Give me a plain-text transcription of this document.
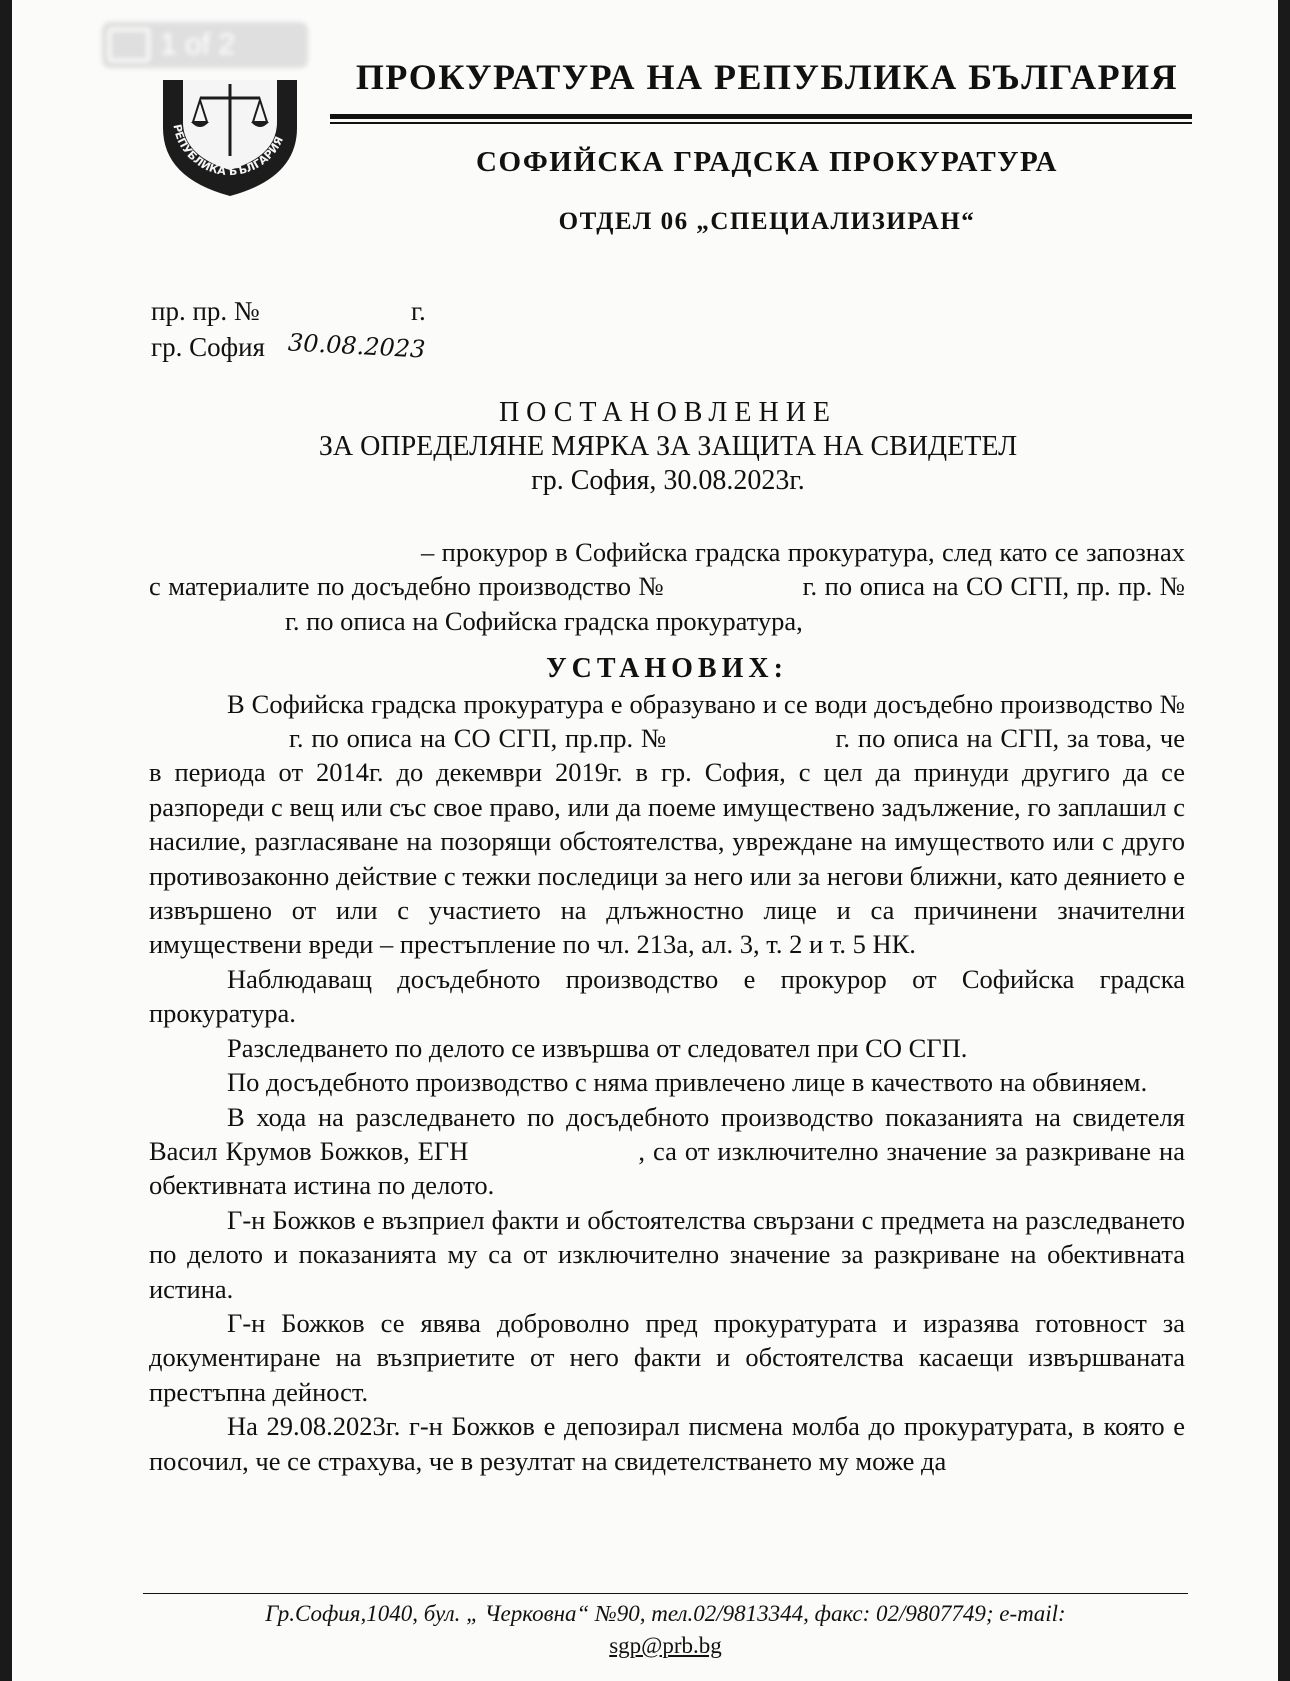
1 of 2
РЕПУБЛИКА БЪЛГАРИЯ
ПРОКУРАТУРА НА РЕПУБЛИКА БЪЛГАРИЯ
СОФИЙСКА ГРАДСКА ПРОКУРАТУРА
ОТДЕЛ 06 „СПЕЦИАЛИЗИРАН“
пр. пр. №	г.
гр. София 30.08.2023
ПОСТАНОВЛЕНИЕ
ЗА ОПРЕДЕЛЯНЕ МЯРКА ЗА ЗАЩИТА НА СВИДЕТЕЛ
гр. София, 30.08.2023г.

– прокурор в Софийска градска прокуратура, след като се запознах с материалите по досъдебно производство №	г. по описа на СО СГП, пр. пр. №г. по описа на Софийска градска прокуратура,

УСТАНОВИХ:

В Софийска градска прокуратура е образувано и се води досъдебно производство №г. по описа на СО СГП, пр.пр. №	г. по описа на СГП, за това, че в периода от 2014г. до декември 2019г. в гр. София, с цел да принуди другиго да се разпореди с вещ или със свое право, или да поеме имуществено задължение, го заплашил с насилие, разгласяване на позорящи обстоятелства, увреждане на имуществото или с друго противозаконно действие с тежки последици за него или за негови ближни, като деянието е извършено от или с участието на длъжностно лице и са причинени значителни имуществени вреди – престъпление по чл. 213а, ал. 3, т. 2 и т. 5 НК.

Наблюдаващ досъдебното производство е прокурор от Софийска градска прокуратура.

Разследването по делото се извършва от следовател при СО СГП.

По досъдебното производство с няма привлечено лице в качеството на обвиняем.

В хода на разследването по досъдебното производство показанията на свидетеля Васил Крумов Божков, ЕГН	, са от изключително значение за разкриване на обективната истина по делото.

Г-н Божков е възприел факти и обстоятелства свързани с предмета на разследването по делото и показанията му са от изключително значение за разкриване на обективната истина.

Г-н Божков се явява доброволно пред прокуратурата и изразява готовност за документиране на възприетите от него факти и обстоятелства касаещи извършваната престъпна дейност.

На 29.08.2023г. г-н Божков е депозирал писмена молба до прокуратурата, в която е посочил, че се страхува, че в резултат на свидетелстването му може да

Гр.София,1040, бул. „ Черковна“ №90, тел.02/9813344, факс: 02/9807749; e-mail:
sgp@prb.bg
